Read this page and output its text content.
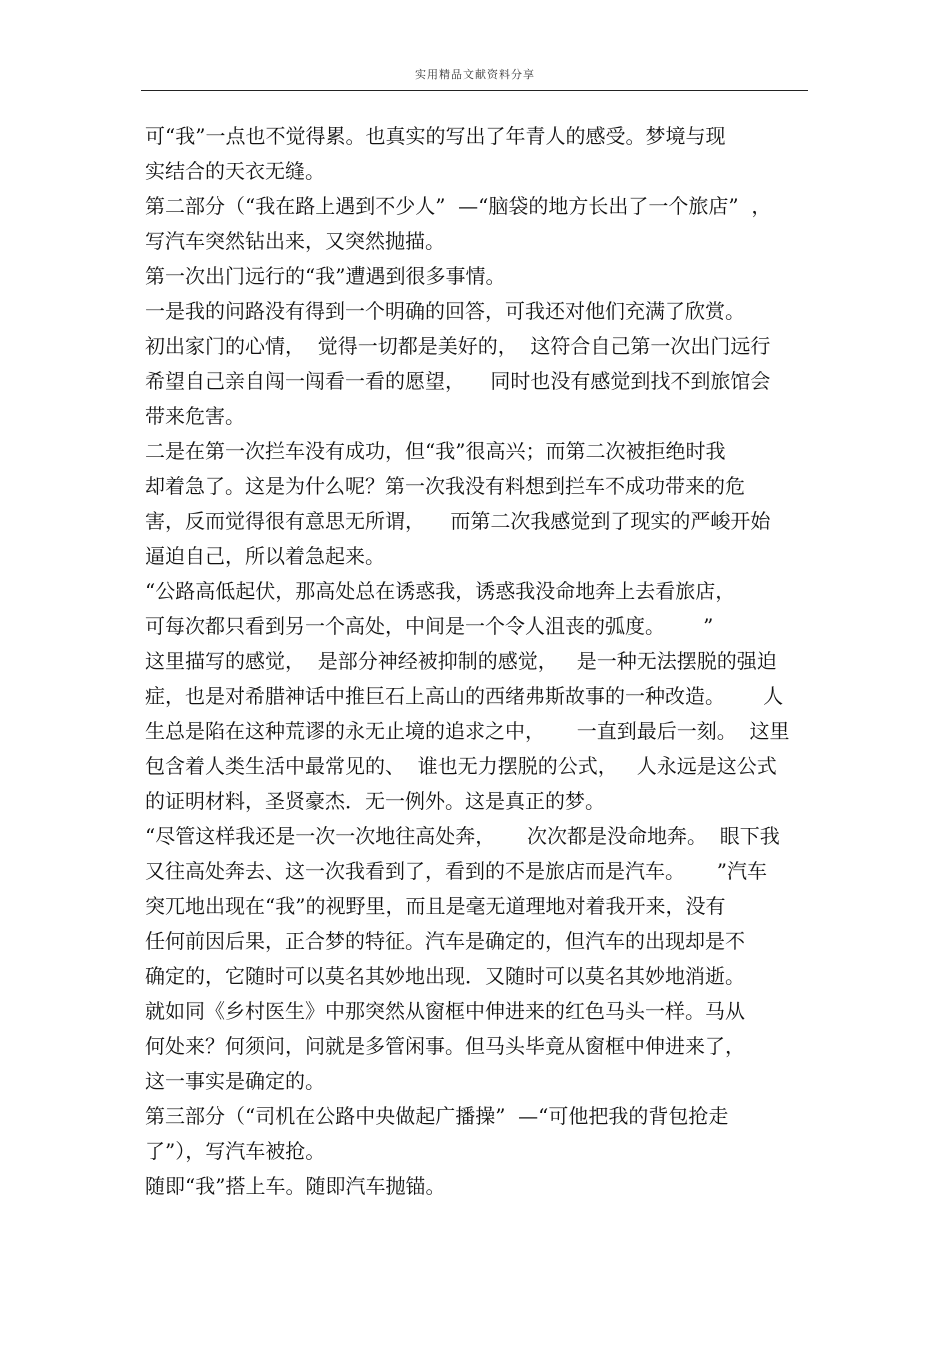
实用精品文献资料分享
可“我”一点也不觉得累。也真实的写出了年青人的感受。梦境与现
实结合的天衣无缝。
第二部分（“我在路上遇到不少人”  —“脑袋的地方长出了一个旅店”  ，
写汽车突然钻出来，又突然抛描。
第一次出门远行的“我”遭遇到很多事情。
一是我的问路没有得到一个明确的回答，可我还对他们充满了欣赏。
初出家门的心情，  觉得一切都是美好的，  这符合自己第一次出门远行
希望自己亲自闯一闯看一看的愿望，    同时也没有感觉到找不到旅馆会
带来危害。
二是在第一次拦车没有成功，但“我”很高兴；而第二次被拒绝时我
却着急了。这是为什么呢？第一次我没有料想到拦车不成功带来的危
害，反而觉得很有意思无所谓，    而第二次我感觉到了现实的严峻开始
逼迫自己，所以着急起来。
“公路高低起伏，那高处总在诱惑我，诱惑我没命地奔上去看旅店，
可每次都只看到另一个高处，中间是一个令人沮丧的弧度。      ”
这里描写的感觉，  是部分神经被抑制的感觉，   是一种无法摆脱的强迫
症，也是对希腊神话中推巨石上高山的西绪弗斯故事的一种改造。      人
生总是陷在这种荒谬的永无止境的追求之中，     一直到最后一刻。  这里
包含着人类生活中最常见的、  谁也无力摆脱的公式，   人永远是这公式
的证明材料，圣贤豪杰．无一例外。这是真正的梦。
“尽管这样我还是一次一次地往高处奔，     次次都是没命地奔。  眼下我
又往高处奔去、这一次我看到了，看到的不是旅店而是汽车。     ”汽车
突兀地出现在“我”的视野里，而且是毫无道理地对着我开来，没有
任何前因后果，正合梦的特征。汽车是确定的，但汽车的出现却是不
确定的，它随时可以莫名其妙地出现．又随时可以莫名其妙地消逝。
就如同《乡村医生》中那突然从窗框中伸进来的红色马头一样。马从
何处来？何须问，问就是多管闲事。但马头毕竟从窗框中伸进来了，
这一事实是确定的。
第三部分（“司机在公路中央做起广播操”  —“可他把我的背包抢走
了”），写汽车被抢。
随即“我”搭上车。随即汽车抛锚。
